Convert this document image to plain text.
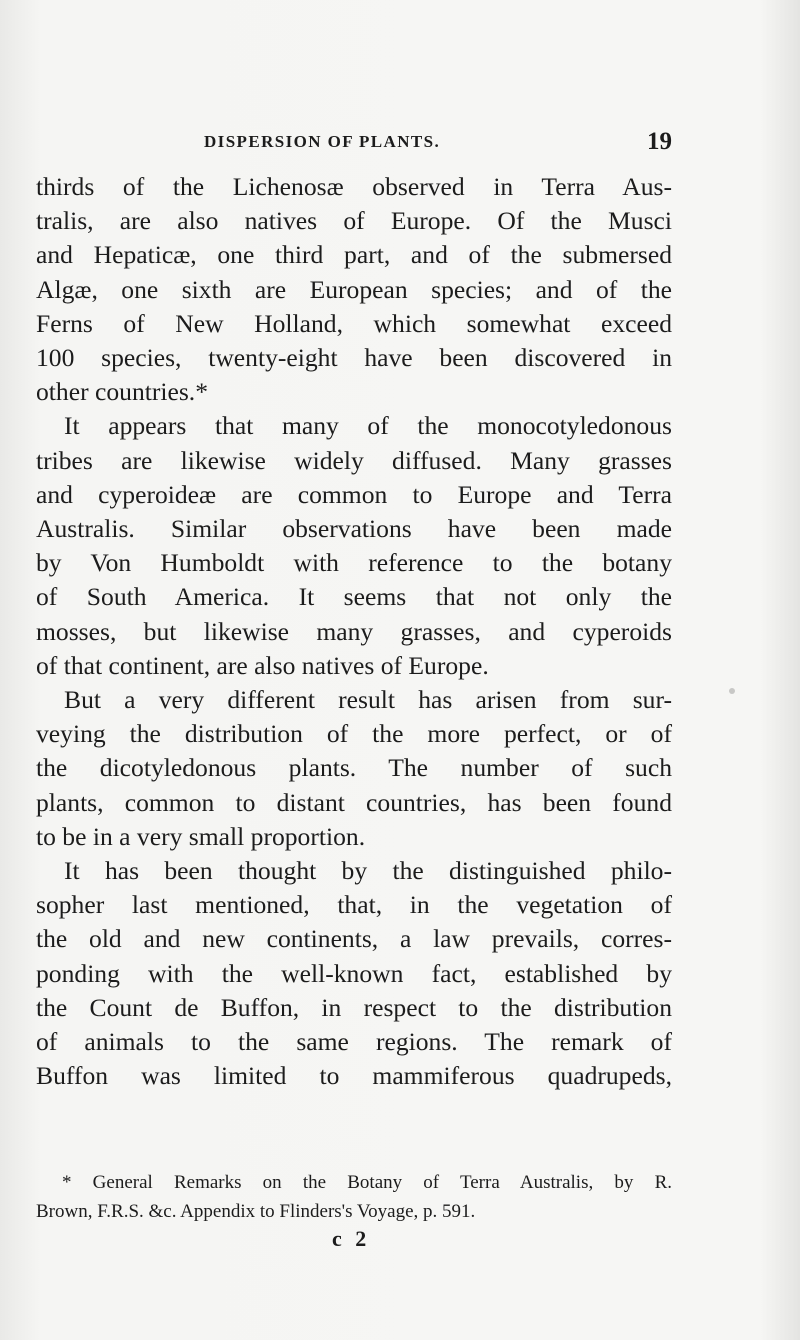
DISPERSION OF PLANTS.	19

thirds of the Lichenosæ observed in Terra Aus-
tralis, are also natives of Europe. Of the Musci
and Hepaticæ, one third part, and of the submersed
Algæ, one sixth are European species; and of the
Ferns of New Holland, which somewhat exceed
100 species, twenty-eight have been discovered in
other countries.*

It appears that many of the monocotyledonous
tribes are likewise widely diffused. Many grasses
and cyperoideæ are common to Europe and Terra
Australis. Similar observations have been made
by Von Humboldt with reference to the botany
of South America. It seems that not only the
mosses, but likewise many grasses, and cyperoids
of that continent, are also natives of Europe.

But a very different result has arisen from sur-
veying the distribution of the more perfect, or of
the dicotyledonous plants. The number of such
plants, common to distant countries, has been found
to be in a very small proportion.

It has been thought by the distinguished philo-
sopher last mentioned, that, in the vegetation of
the old and new continents, a law prevails, corres-
ponding with the well-known fact, established by
the Count de Buffon, in respect to the distribution
of animals to the same regions. The remark of
Buffon was limited to mammiferous quadrupeds,

* General Remarks on the Botany of Terra Australis, by R.
Brown, F.R.S. &c. Appendix to Flinders's Voyage, p. 591.
c 2
